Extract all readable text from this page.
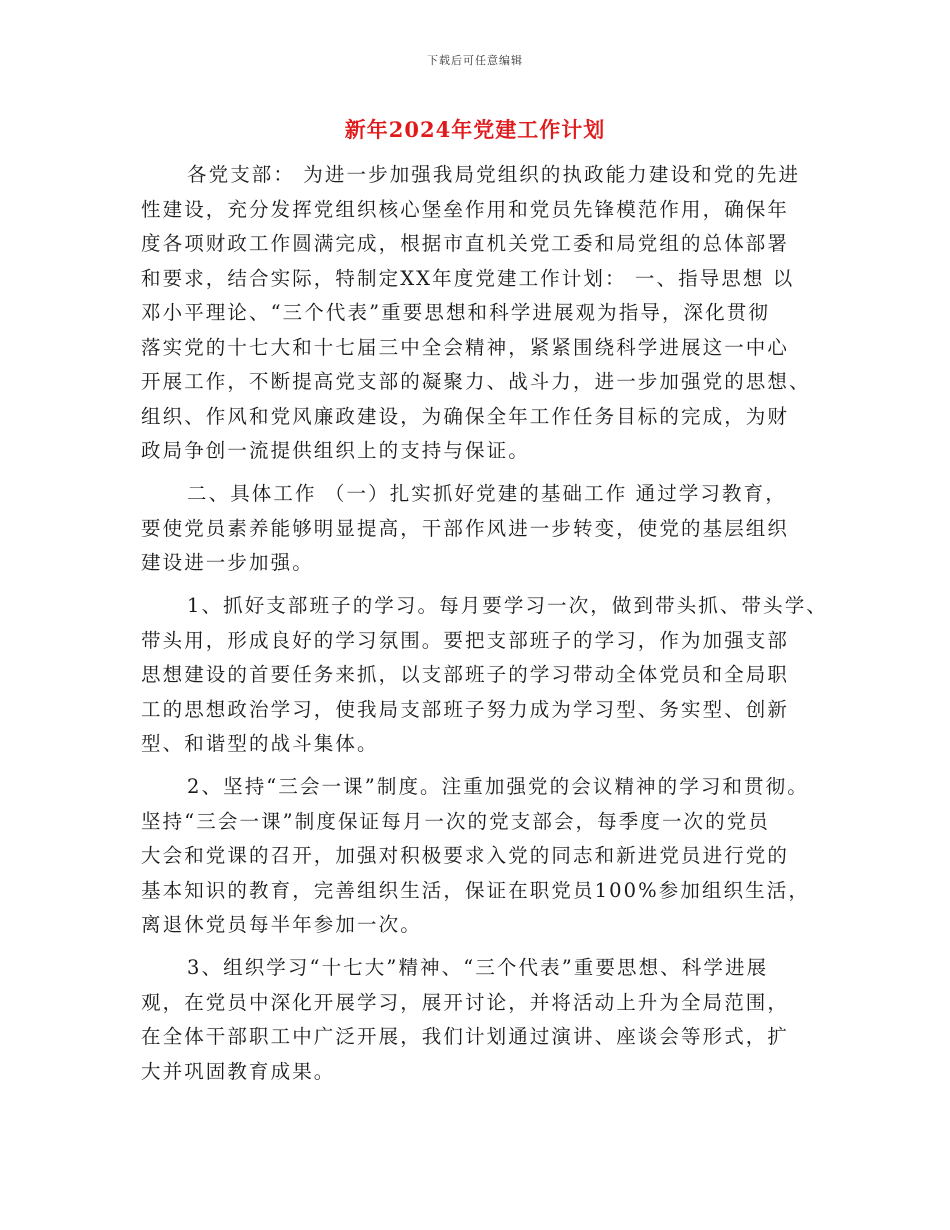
下载后可任意编辑
新年2024年党建工作计划
各党支部： 为进一步加强我局党组织的执政能力建设和党的先进
性建设，充分发挥党组织核心堡垒作用和党员先锋模范作用，确保年
度各项财政工作圆满完成，根据市直机关党工委和局党组的总体部署
和要求，结合实际，特制定XX年度党建工作计划： 一、指导思想 以
邓小平理论、“三个代表”重要思想和科学进展观为指导，深化贯彻
落实党的十七大和十七届三中全会精神，紧紧围绕科学进展这一中心
开展工作，不断提高党支部的凝聚力、战斗力，进一步加强党的思想、
组织、作风和党风廉政建设，为确保全年工作任务目标的完成，为财
政局争创一流提供组织上的支持与保证。
二、具体工作 （一）扎实抓好党建的基础工作 通过学习教育，
要使党员素养能够明显提高，干部作风进一步转变，使党的基层组织
建设进一步加强。
1、抓好支部班子的学习。每月要学习一次，做到带头抓、带头学、
带头用，形成良好的学习氛围。要把支部班子的学习，作为加强支部
思想建设的首要任务来抓，以支部班子的学习带动全体党员和全局职
工的思想政治学习，使我局支部班子努力成为学习型、务实型、创新
型、和谐型的战斗集体。
2、坚持“三会一课”制度。注重加强党的会议精神的学习和贯彻。
坚持“三会一课”制度保证每月一次的党支部会，每季度一次的党员
大会和党课的召开，加强对积极要求入党的同志和新进党员进行党的
基本知识的教育，完善组织生活，保证在职党员100%参加组织生活，
离退休党员每半年参加一次。
3、组织学习“十七大”精神、“三个代表”重要思想、科学进展
观，在党员中深化开展学习，展开讨论，并将活动上升为全局范围，
在全体干部职工中广泛开展，我们计划通过演讲、座谈会等形式，扩
大并巩固教育成果。
